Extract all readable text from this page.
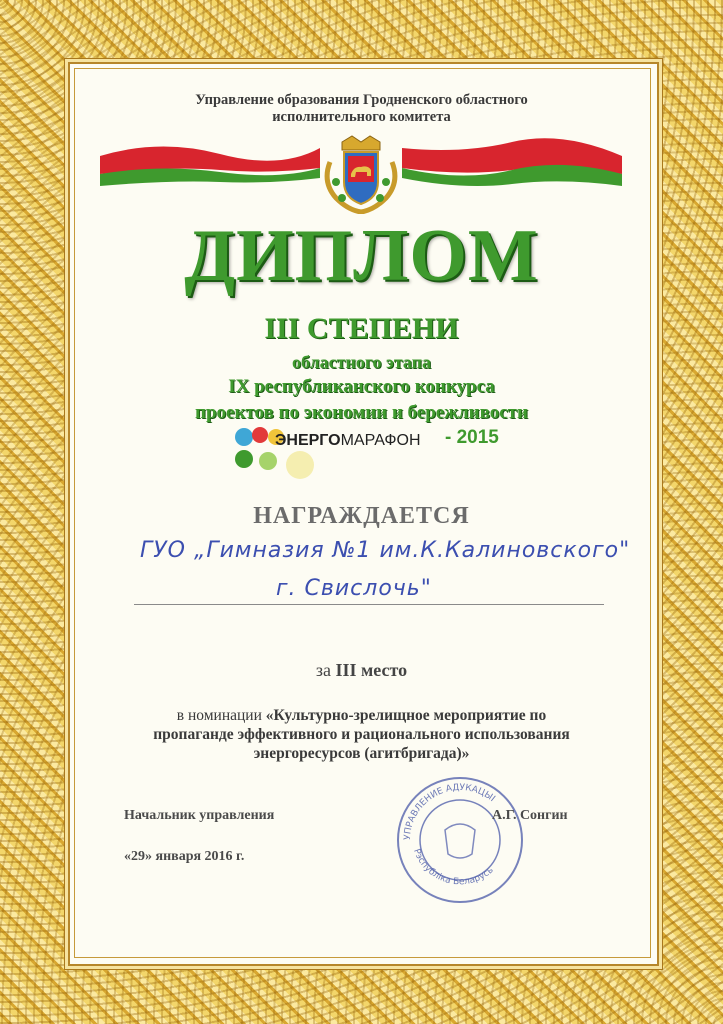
Управление образования Гродненского областного
исполнительного комитета
ДИПЛОМ
III СТЕПЕНИ
областного этапа
IX республиканского конкурса
проектов по экономии и бережливости
ЭНЕРГОМАРАФОН - 2015
НАГРАЖДАЕТСЯ
ГУО „Гимназия №1 им.К.Калиновского"
г. Свислочь"
за III место
в номинации «Культурно-зрелищное мероприятие по
пропаганде эффективного и рационального использования
энергоресурсов (агитбригада)»
УПРАВЛЕНИЕ АДУКАЦЫІ
Рэспубліка Беларусь
Начальник управления	А.Г. Сонгин
«29» января 2016 г.
